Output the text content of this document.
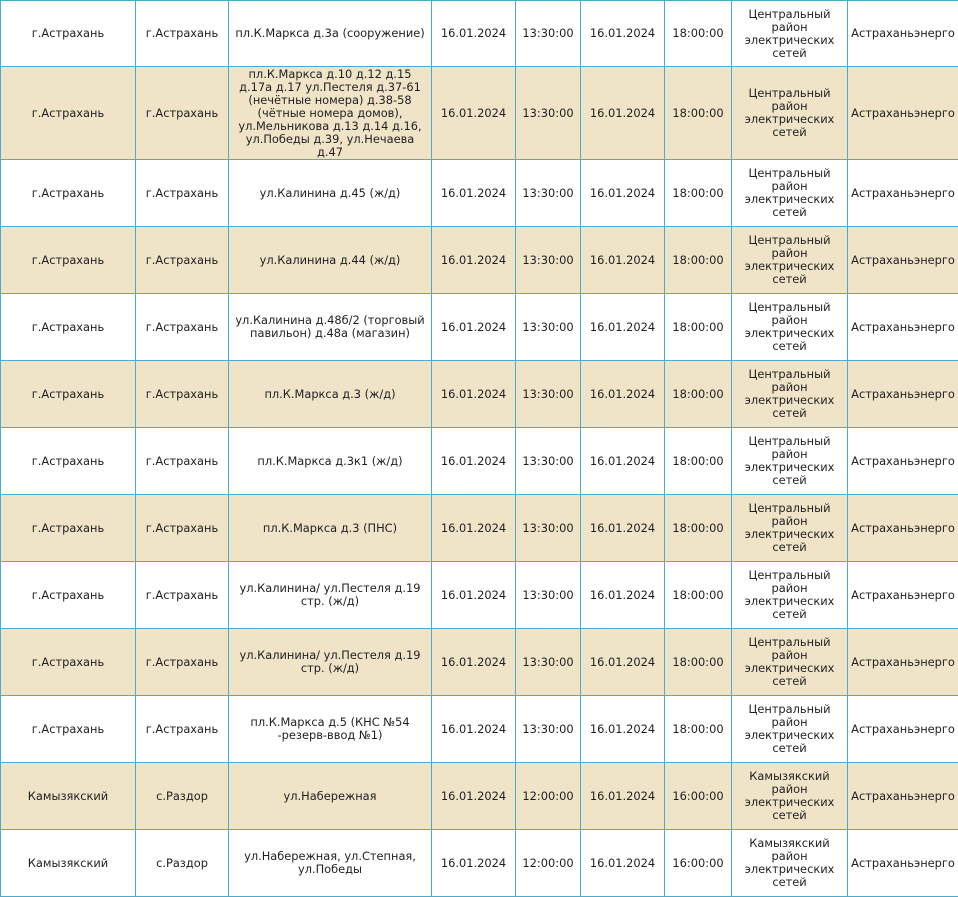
г.Астрахань	г.Астрахань	пл.К.Маркса д.3а (сооружение)	16.01.2024	13:30:00	16.01.2024	18:00:00	Центральный район электрических сетей	Астраханьэнерго
г.Астрахань	г.Астрахань	пл.К.Маркса д.10 д.12 д.15 д.17а д.17 ул.Пестеля д.37-61 (нечётные номера) д.38-58 (чётные номера домов), ул.Мельникова д.13 д.14 д.16, ул.Победы д.39, ул.Нечаева д.47	16.01.2024	13:30:00	16.01.2024	18:00:00	Центральный район электрических сетей	Астраханьэнерго
г.Астрахань	г.Астрахань	ул.Калинина д.45 (ж/д)	16.01.2024	13:30:00	16.01.2024	18:00:00	Центральный район электрических сетей	Астраханьэнерго
г.Астрахань	г.Астрахань	ул.Калинина д.44 (ж/д)	16.01.2024	13:30:00	16.01.2024	18:00:00	Центральный район электрических сетей	Астраханьэнерго
г.Астрахань	г.Астрахань	ул.Калинина д.48б/2 (торговый павильон) д.48а (магазин)	16.01.2024	13:30:00	16.01.2024	18:00:00	Центральный район электрических сетей	Астраханьэнерго
г.Астрахань	г.Астрахань	пл.К.Маркса д.3 (ж/д)	16.01.2024	13:30:00	16.01.2024	18:00:00	Центральный район электрических сетей	Астраханьэнерго
г.Астрахань	г.Астрахань	пл.К.Маркса д.3к1 (ж/д)	16.01.2024	13:30:00	16.01.2024	18:00:00	Центральный район электрических сетей	Астраханьэнерго
г.Астрахань	г.Астрахань	пл.К.Маркса д.3 (ПНС)	16.01.2024	13:30:00	16.01.2024	18:00:00	Центральный район электрических сетей	Астраханьэнерго
г.Астрахань	г.Астрахань	ул.Калинина/ ул.Пестеля д.19 стр. (ж/д)	16.01.2024	13:30:00	16.01.2024	18:00:00	Центральный район электрических сетей	Астраханьэнерго
г.Астрахань	г.Астрахань	ул.Калинина/ ул.Пестеля д.19 стр. (ж/д)	16.01.2024	13:30:00	16.01.2024	18:00:00	Центральный район электрических сетей	Астраханьэнерго
г.Астрахань	г.Астрахань	пл.К.Маркса д.5 (КНС №54 -резерв-ввод №1)	16.01.2024	13:30:00	16.01.2024	18:00:00	Центральный район электрических сетей	Астраханьэнерго
Камызякский	с.Раздор	ул.Набережная	16.01.2024	12:00:00	16.01.2024	16:00:00	Камызякский район электрических сетей	Астраханьэнерго
Камызякский	с.Раздор	ул.Набережная, ул.Степная, ул.Победы	16.01.2024	12:00:00	16.01.2024	16:00:00	Камызякский район электрических сетей	Астраханьэнерго
